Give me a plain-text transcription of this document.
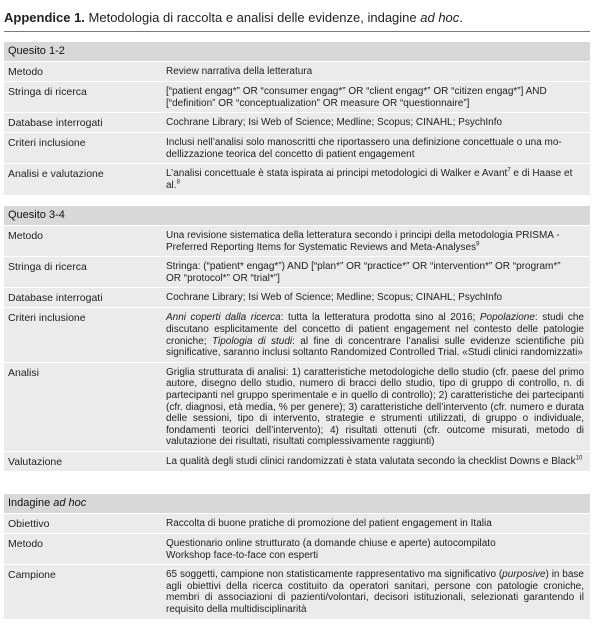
Appendice 1. Metodologia di raccolta e analisi delle evidenze, indagine ad hoc.
Quesito 1-2
Metodo	Review narrativa della letteratura
Stringa di ricerca	[“patient engag*” OR “consumer engag*” OR “client engag*” OR “citizen engag*”] AND
[“definition” OR “conceptualization” OR measure OR “questionnaire”]
Database interrogati	Cochrane Library; Isi Web of Science; Medline; Scopus; CINAHL; PsychInfo
Criteri inclusione	Inclusi nell’analisi solo manoscritti che riportassero una definizione concettuale o una mo-
dellizzazione teorica del concetto di patient engagement
Analisi e valutazione	L’analisi concettuale è stata ispirata ai principi metodologici di Walker e Avant$^7$ e di Haase et al.$^8$
Quesito 3-4
Metodo	Una revisione sistematica della letteratura secondo i principi della metodologia PRISMA -
Preferred Reporting Items for Systematic Reviews and Meta-Analyses$^9$
Stringa di ricerca	Stringa: (“patient* engag*”) AND [“plan*” OR “practice*” OR “intervention*” OR “program*”
OR “protocol*” OR “trial*”]
Database interrogati	Cochrane Library; Isi Web of Science; Medline; Scopus; CINAHL; PsychInfo
Criteri inclusione	Anni coperti dalla ricerca: tutta la letteratura prodotta sino al 2016; Popolazione: studi che discutano esplicitamente del concetto di patient engagement nel contesto delle patologie croniche; Tipologia di studi: al fine di concentrare l’analisi sulle evidenze scientifiche più significative, saranno inclusi soltanto Randomized Controlled Trial. «Studi clinici randomizzati»
Analisi	Griglia strutturata di analisi: 1) caratteristiche metodologiche dello studio (cfr. paese del primo autore, disegno dello studio, numero di bracci dello studio, tipo di gruppo di controllo, n. di partecipanti nel gruppo sperimentale e in quello di controllo); 2) caratteristiche dei partecipanti (cfr. diagnosi, età media, % per genere); 3) caratteristiche dell’intervento (cfr. numero e durata delle sessioni, tipo di intervento, strategie e strumenti utilizzati, di gruppo o individuale, fondamenti teorici dell’intervento); 4) risultati ottenuti (cfr. outcome misurati, metodo di valutazione dei risultati, risultati complessivamente raggiunti)
Valutazione	La qualità degli studi clinici randomizzati è stata valutata secondo la checklist Downs e Black$^{10}$
Indagine ad hoc
Obiettivo	Raccolta di buone pratiche di promozione del patient engagement in Italia
Metodo	Questionario online strutturato (a domande chiuse e aperte) autocompilato
Workshop face-to-face con esperti
Campione	65 soggetti, campione non statisticamente rappresentativo ma significativo (purposive) in base agli obiettivi della ricerca costituito da operatori sanitari, persone con patologie croniche, membri di associazioni di pazienti/volontari, decisori istituzionali, selezionati garantendo il requisito della multidisciplinarità
